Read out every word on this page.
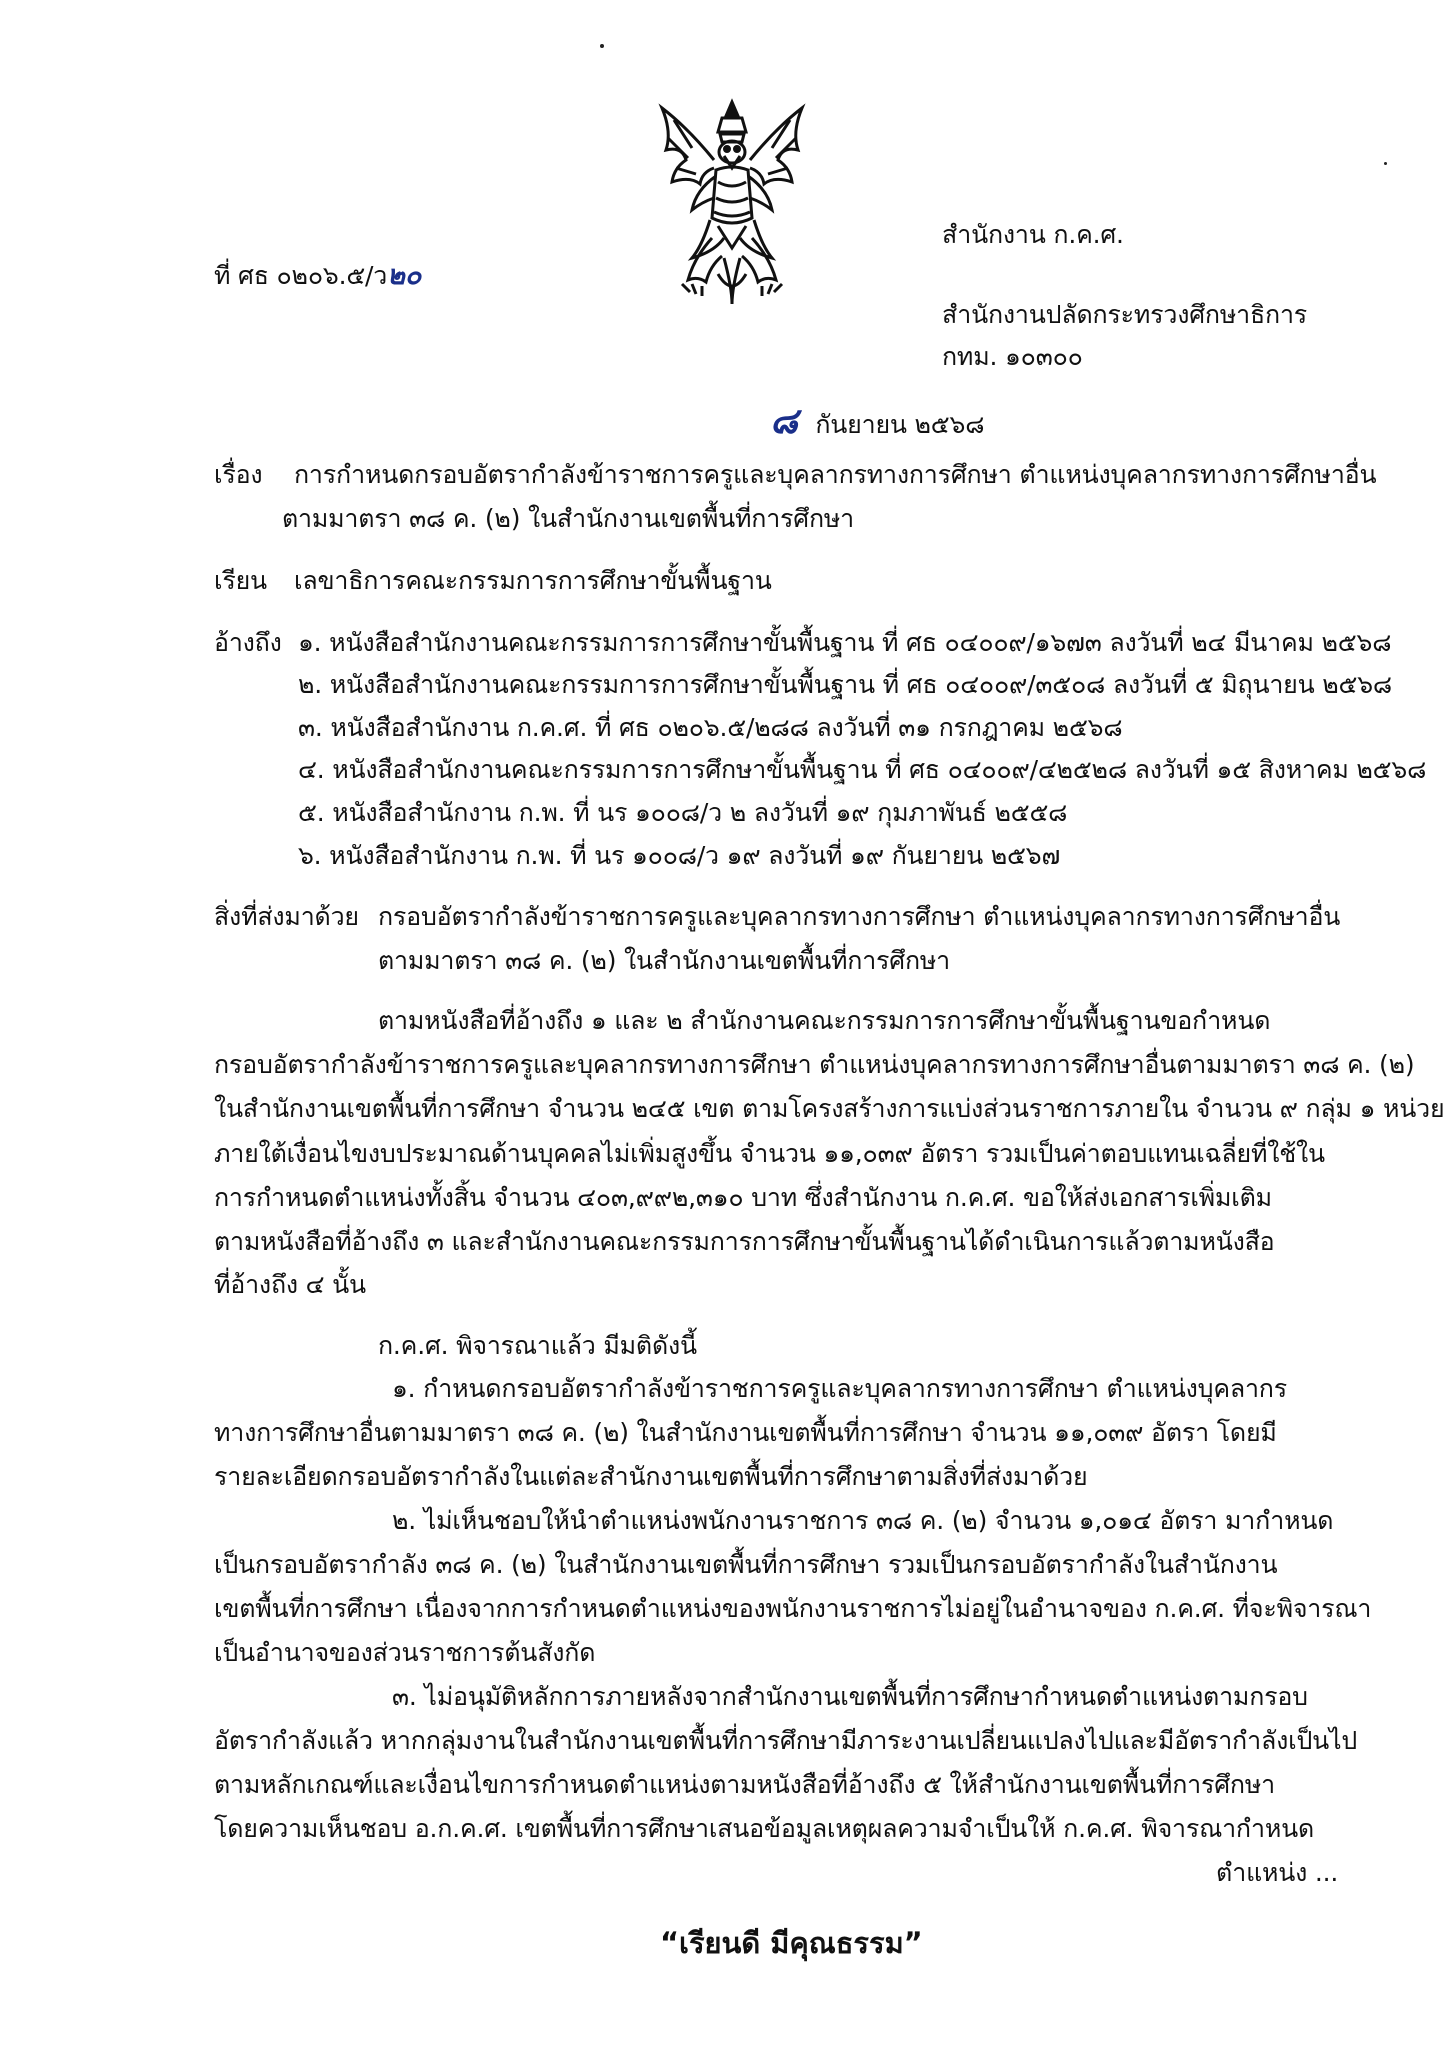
ที่ ศธ ๐๒๐๖.๕/ว๒๐
สำนักงาน ก.ค.ศ.
สำนักงานปลัดกระทรวงศึกษาธิการ
กทม. ๑๐๓๐๐
๘ กันยายน ๒๕๖๘
เรื่อง การกำหนดกรอบอัตรากำลังข้าราชการครูและบุคลากรทางการศึกษา ตำแหน่งบุคลากรทางการศึกษาอื่น
ตามมาตรา ๓๘ ค. (๒) ในสำนักงานเขตพื้นที่การศึกษา
เรียน เลขาธิการคณะกรรมการการศึกษาขั้นพื้นฐาน
อ้างถึง ๑. หนังสือสำนักงานคณะกรรมการการศึกษาขั้นพื้นฐาน ที่ ศธ ๐๔๐๐๙/๑๖๗๓ ลงวันที่ ๒๔ มีนาคม ๒๕๖๘
๒. หนังสือสำนักงานคณะกรรมการการศึกษาขั้นพื้นฐาน ที่ ศธ ๐๔๐๐๙/๓๕๐๘ ลงวันที่ ๕ มิถุนายน ๒๕๖๘
๓. หนังสือสำนักงาน ก.ค.ศ. ที่ ศธ ๐๒๐๖.๕/๒๘๘ ลงวันที่ ๓๑ กรกฎาคม ๒๕๖๘
๔. หนังสือสำนักงานคณะกรรมการการศึกษาขั้นพื้นฐาน ที่ ศธ ๐๔๐๐๙/๔๒๕๒๘ ลงวันที่ ๑๕ สิงหาคม ๒๕๖๘
๕. หนังสือสำนักงาน ก.พ. ที่ นร ๑๐๐๘/ว ๒ ลงวันที่ ๑๙ กุมภาพันธ์ ๒๕๕๘
๖. หนังสือสำนักงาน ก.พ. ที่ นร ๑๐๐๘/ว ๑๙ ลงวันที่ ๑๙ กันยายน ๒๕๖๗
สิ่งที่ส่งมาด้วย กรอบอัตรากำลังข้าราชการครูและบุคลากรทางการศึกษา ตำแหน่งบุคลากรทางการศึกษาอื่น
ตามมาตรา ๓๘ ค. (๒) ในสำนักงานเขตพื้นที่การศึกษา
ตามหนังสือที่อ้างถึง ๑ และ ๒ สำนักงานคณะกรรมการการศึกษาขั้นพื้นฐานขอกำหนด
กรอบอัตรากำลังข้าราชการครูและบุคลากรทางการศึกษา ตำแหน่งบุคลากรทางการศึกษาอื่นตามมาตรา ๓๘ ค. (๒)
ในสำนักงานเขตพื้นที่การศึกษา จำนวน ๒๔๕ เขต ตามโครงสร้างการแบ่งส่วนราชการภายใน จำนวน ๙ กลุ่ม ๑ หน่วย
ภายใต้เงื่อนไขงบประมาณด้านบุคคลไม่เพิ่มสูงขึ้น จำนวน ๑๑,๐๓๙ อัตรา รวมเป็นค่าตอบแทนเฉลี่ยที่ใช้ใน
การกำหนดตำแหน่งทั้งสิ้น จำนวน ๔๐๓,๙๙๒,๓๑๐ บาท ซึ่งสำนักงาน ก.ค.ศ. ขอให้ส่งเอกสารเพิ่มเติม
ตามหนังสือที่อ้างถึง ๓ และสำนักงานคณะกรรมการการศึกษาขั้นพื้นฐานได้ดำเนินการแล้วตามหนังสือ
ที่อ้างถึง ๔ นั้น
ก.ค.ศ. พิจารณาแล้ว มีมติดังนี้
๑. กำหนดกรอบอัตรากำลังข้าราชการครูและบุคลากรทางการศึกษา ตำแหน่งบุคลากร
ทางการศึกษาอื่นตามมาตรา ๓๘ ค. (๒) ในสำนักงานเขตพื้นที่การศึกษา จำนวน ๑๑,๐๓๙ อัตรา โดยมี
รายละเอียดกรอบอัตรากำลังในแต่ละสำนักงานเขตพื้นที่การศึกษาตามสิ่งที่ส่งมาด้วย
๒. ไม่เห็นชอบให้นำตำแหน่งพนักงานราชการ ๓๘ ค. (๒) จำนวน ๑,๐๑๔ อัตรา มากำหนด
เป็นกรอบอัตรากำลัง ๓๘ ค. (๒) ในสำนักงานเขตพื้นที่การศึกษา รวมเป็นกรอบอัตรากำลังในสำนักงาน
เขตพื้นที่การศึกษา เนื่องจากการกำหนดตำแหน่งของพนักงานราชการไม่อยู่ในอำนาจของ ก.ค.ศ. ที่จะพิจารณา
เป็นอำนาจของส่วนราชการต้นสังกัด
๓. ไม่อนุมัติหลักการภายหลังจากสำนักงานเขตพื้นที่การศึกษากำหนดตำแหน่งตามกรอบ
อัตรากำลังแล้ว หากกลุ่มงานในสำนักงานเขตพื้นที่การศึกษามีภาระงานเปลี่ยนแปลงไปและมีอัตรากำลังเป็นไป
ตามหลักเกณฑ์และเงื่อนไขการกำหนดตำแหน่งตามหนังสือที่อ้างถึง ๕ ให้สำนักงานเขตพื้นที่การศึกษา
โดยความเห็นชอบ อ.ก.ค.ศ. เขตพื้นที่การศึกษาเสนอข้อมูลเหตุผลความจำเป็นให้ ก.ค.ศ. พิจารณากำหนด
ตำแหน่ง ...
“เรียนดี มีคุณธรรม”
